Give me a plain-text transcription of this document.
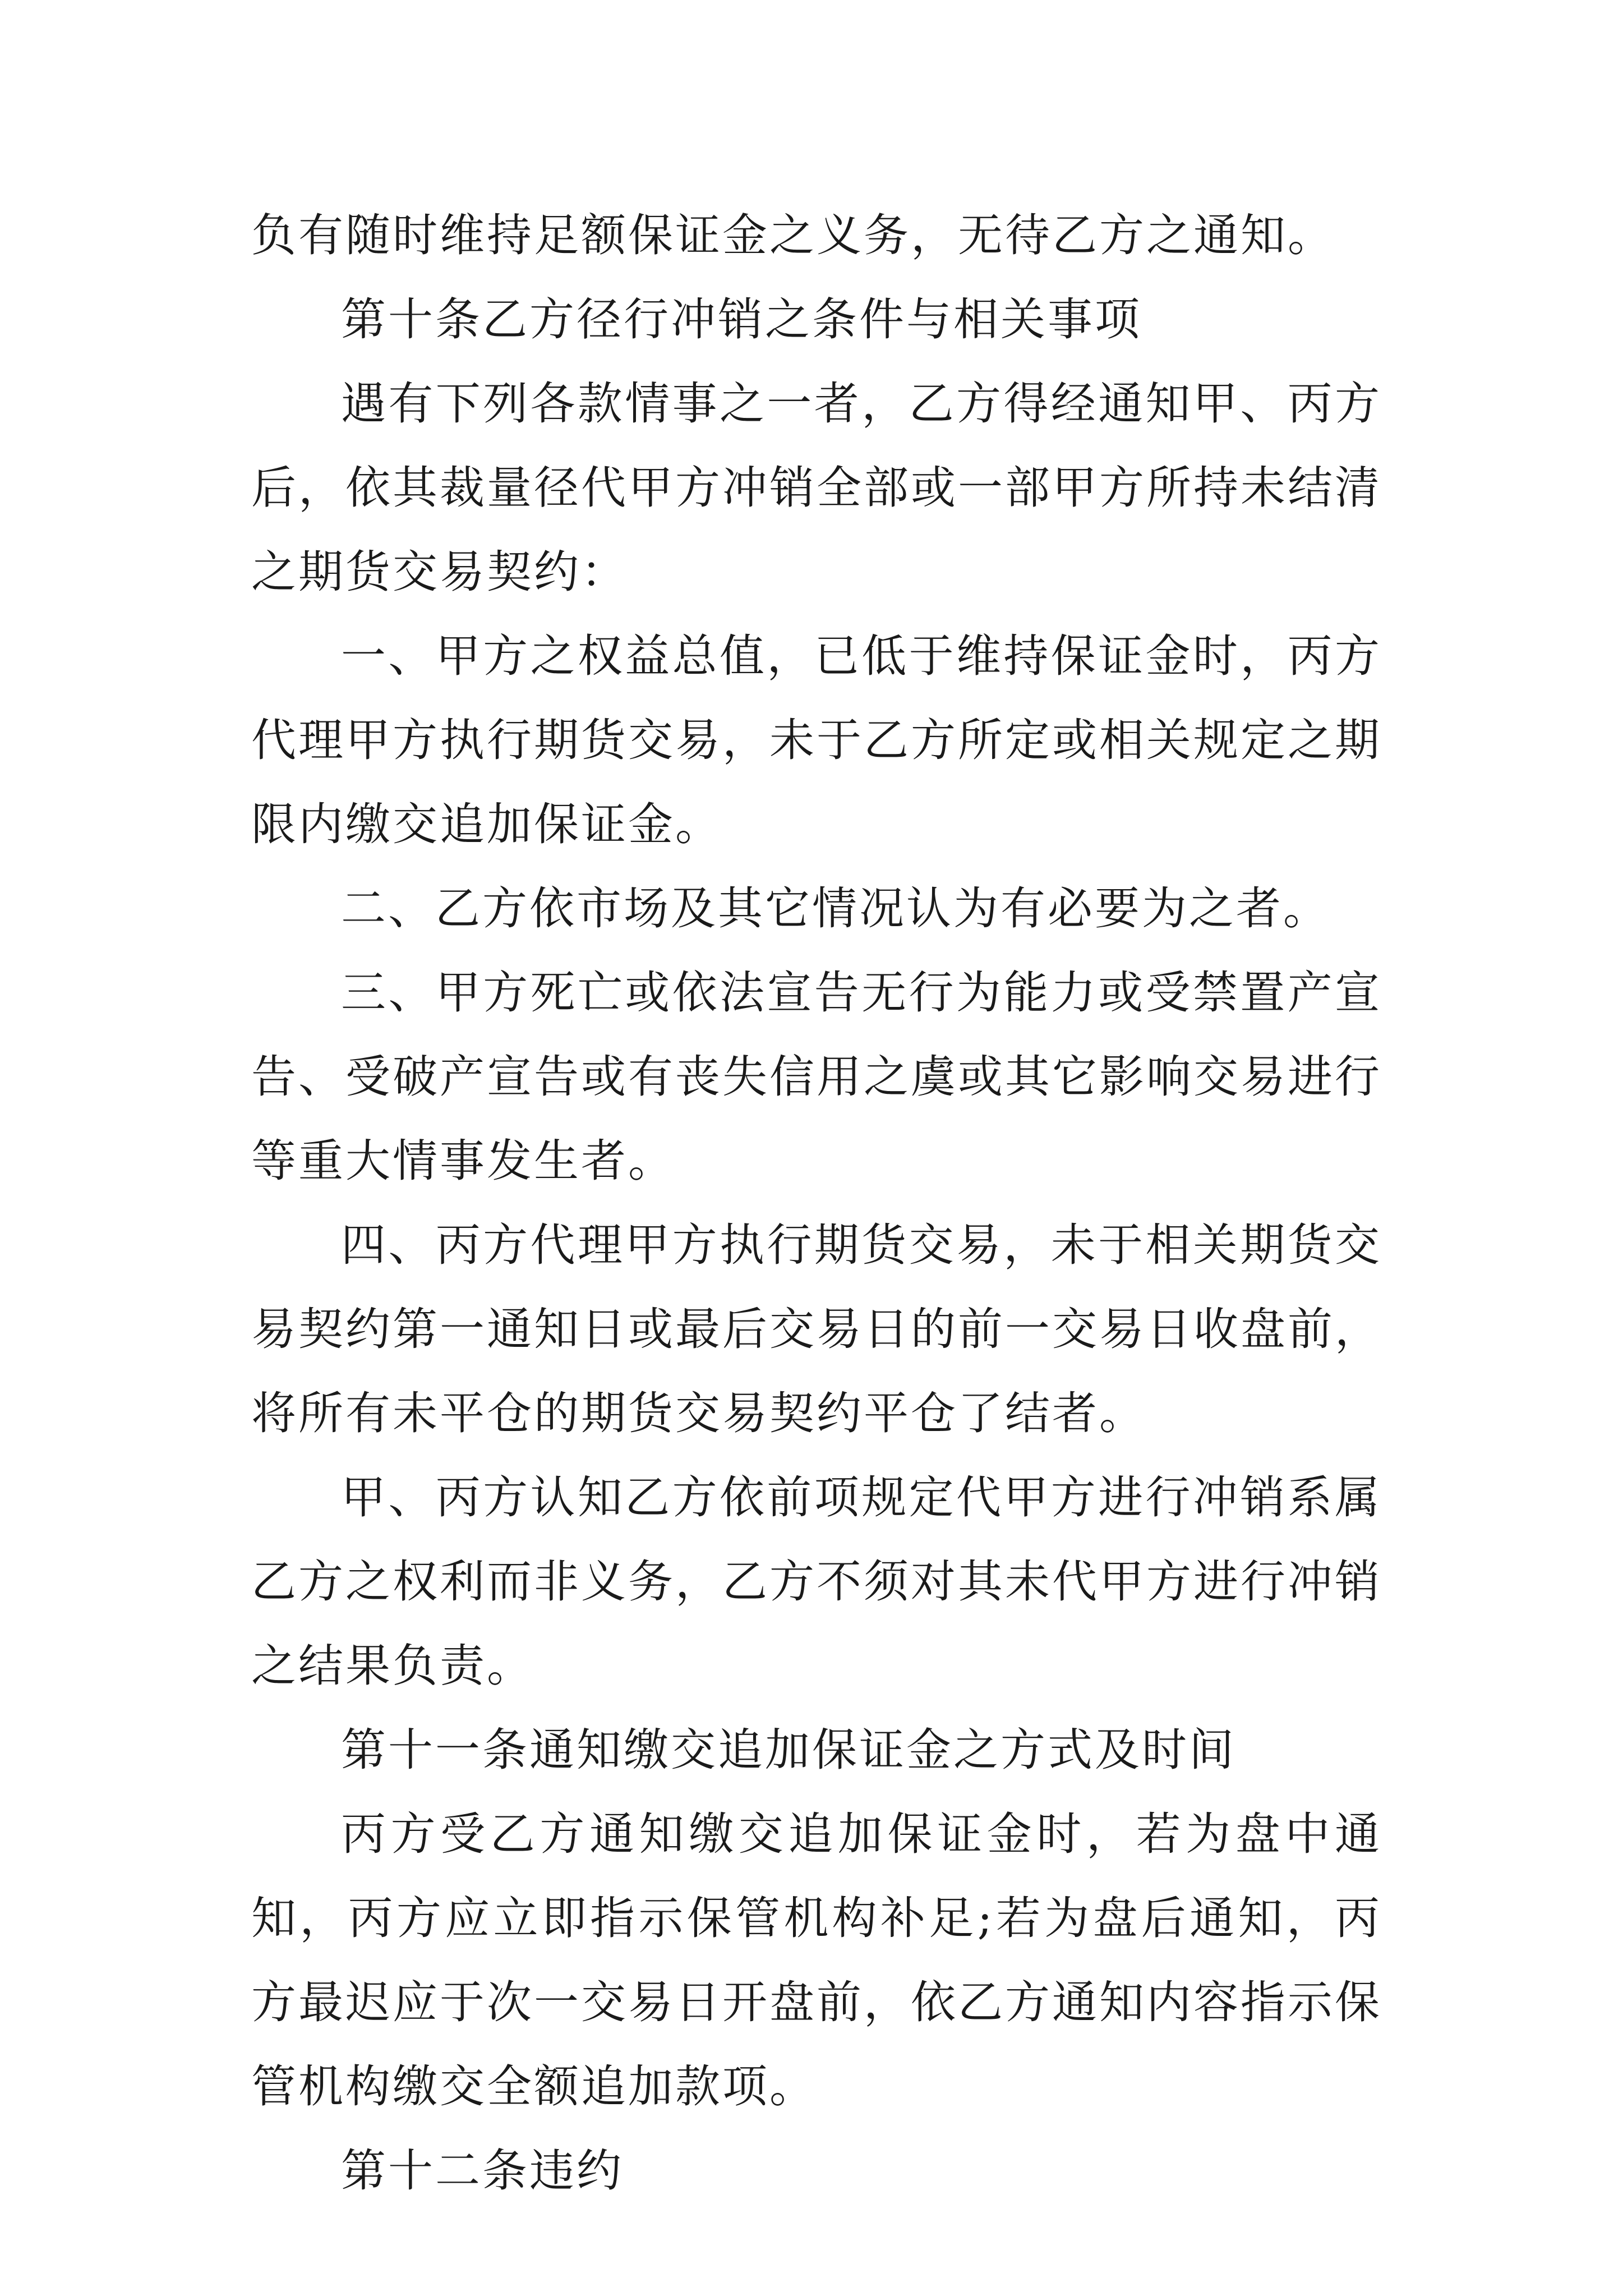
负有随时维持足额保证金之义务，无待乙方之通知。

第十条乙方径行冲销之条件与相关事项

遇有下列各款情事之一者，乙方得经通知甲、丙方后，依其裁量径代甲方冲销全部或一部甲方所持未结清之期货交易契约：

一、甲方之权益总值，已低于维持保证金时，丙方代理甲方执行期货交易，未于乙方所定或相关规定之期限内缴交追加保证金。

二、乙方依市场及其它情况认为有必要为之者。

三、甲方死亡或依法宣告无行为能力或受禁置产宣告、受破产宣告或有丧失信用之虞或其它影响交易进行等重大情事发生者。

四、丙方代理甲方执行期货交易，未于相关期货交易契约第一通知日或最后交易日的前一交易日收盘前，将所有未平仓的期货交易契约平仓了结者。

甲、丙方认知乙方依前项规定代甲方进行冲销系属乙方之权利而非义务，乙方不须对其未代甲方进行冲销之结果负责。

第十一条通知缴交追加保证金之方式及时间

丙方受乙方通知缴交追加保证金时，若为盘中通知，丙方应立即指示保管机构补足;若为盘后通知，丙方最迟应于次一交易日开盘前，依乙方通知内容指示保管机构缴交全额追加款项。

第十二条违约
